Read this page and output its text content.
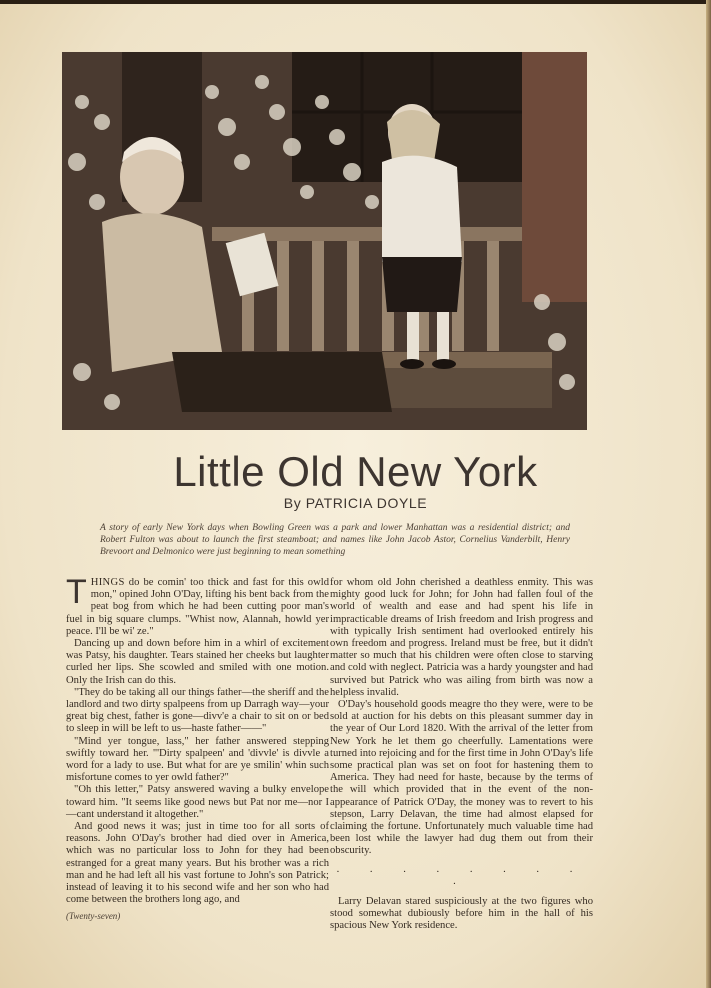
Little Old New York
By PATRICIA DOYLE
A story of early New York days when Bowling Green was a park and lower Manhattan was a residential district; and Robert Fulton was about to launch the first steamboat; and names like John Jacob Astor, Cornelius Vanderbilt, Henry Brevoort and Delmonico were just beginning to mean something

THINGS do be comin' too thick and fast for this owld mon," opined John O'Day, lifting his bent back from the peat bog from which he had been cutting poor man's fuel in big square clumps. "Whist now, Alannah, howld yer peace. I'll be wi' ze."

Dancing up and down before him in a whirl of excitement was Patsy, his daughter. Tears stained her cheeks but laughter curled her lips. She scowled and smiled with one motion. Only the Irish can do this.

"They do be taking all our things father—the sheriff and the landlord and two dirty spalpeens from up Darragh way—your great big chest, father is gone—divv'e a chair to sit on or bed to sleep in will be left to us—haste father——"

"Mind yer tongue, lass," her father answered stepping swiftly toward her. "'Dirty spalpeen' and 'divvle' is divvle a word for a lady to use. But what for are ye smilin' whin such misfortune comes to yer owld father?"

"Oh this letter," Patsy answered waving a bulky envelope toward him. "It seems like good news but Pat nor me—nor I—cant understand it altogether."

And good news it was; just in time too for all sorts of reasons. John O'Day's brother had died over in America, which was no particular loss to John for they had been estranged for a great many years. But his brother was a rich man and he had left all his vast fortune to John's son Patrick; instead of leaving it to his second wife and her son who had come between the brothers long ago, and

for whom old John cherished a deathless enmity. This was mighty good luck for John; for John had fallen foul of the world of wealth and ease and had spent his life in impracticable dreams of Irish freedom and Irish progress and with typically Irish sentiment had overlooked entirely his own freedom and progress. Ireland must be free, but it didn't matter so much that his children were often close to starving and cold with neglect. Patricia was a hardy youngster and had survived but Patrick who was ailing from birth was now a helpless invalid.

O'Day's household goods meagre tho they were, were to be sold at auction for his debts on this pleasant summer day in the year of Our Lord 1820. With the arrival of the letter from New York he let them go cheerfully. Lamentations were turned into rejoicing and for the first time in John O'Day's life some practical plan was set on foot for hastening them to America. They had need for haste, because by the terms of the will which provided that in the event of the non-appearance of Patrick O'Day, the money was to revert to his stepson, Larry Delavan, the time had almost elapsed for claiming the fortune. Unfortunately much valuable time had been lost while the lawyer had dug them out from their obscurity.

. . . . . . . . .

Larry Delavan stared suspiciously at the two figures who stood somewhat dubiously before him in the hall of his spacious New York residence.

(Twenty-seven)
